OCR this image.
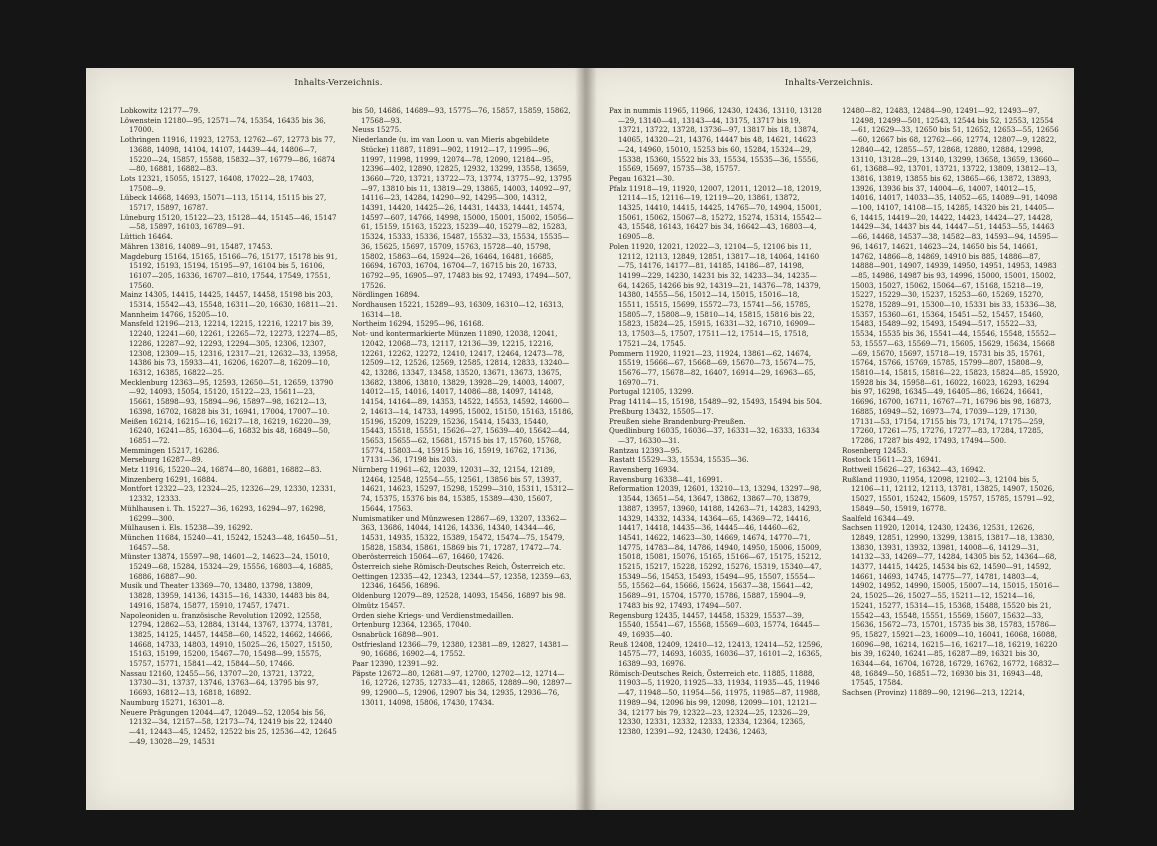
Inhalts-Verzeichnis.
Lobkowitz 12177—79.
Löwenstein 12180—95, 12571—74, 15354, 16435 bis 36, 17000.
Lothringen 11916, 11923, 12753, 12762—67, 12773 bis 77, 13688, 14098, 14104, 14107, 14439—44, 14806—7, 15220—24, 15857, 15588, 15832—37, 16779—86, 16874—80, 16881, 16882—83.
Lots 12321, 15055, 15127, 16408, 17022—28, 17403, 17508—9.
Lübeck 14668, 14693, 15071—113, 15114, 15115 bis 27, 15717, 15897, 16787.
Lüneburg 15120, 15122—23, 15128—44, 15145—46, 15147—58, 15897, 16103, 16789—91.
Lüttich 16464.
Mähren 13816, 14089—91, 15487, 17453.
Magdeburg 15164, 15165, 15166—76, 15177, 15178 bis 91, 15192, 15193, 15194, 15195—97, 16104 bis 5, 16106, 16107—205, 16336, 16707—810, 17544, 17549, 17551, 17560.
Mainz 14305, 14415, 14425, 14457, 14458, 15198 bis 203, 15314, 15542—43, 15548, 16311—20, 16630, 16811—21.
Mannheim 14766, 15205—10.
Mansfeld 12196—213, 12214, 12215, 12216, 12217 bis 39, 12240, 12241—60, 12261, 12265—72, 12273, 12274—85, 12286, 12287—92, 12293, 12294—305, 12306, 12307, 12308, 12309—15, 12316, 12317—21, 12632—33, 13958, 14386 bis 73, 15933—41, 16206, 16207—8, 16209—10, 16312, 16385, 16822—25.
Mecklenburg 12363—95, 12593, 12650—51, 12659, 13790—92, 14093, 15054, 15120, 15122—23, 15611—23, 15661, 15898—93, 15894—96, 15897—98, 16212—13, 16398, 16702, 16828 bis 31, 16941, 17004, 17007—10.
Meißen 16214, 16215—16, 16217—18, 16219, 16220—39, 16240, 16241—85, 16304—6, 16832 bis 48, 16849—50, 16851—72.
Memmingen 15217, 16286.
Merseburg 16287—89.
Metz 11916, 15220—24, 16874—80, 16881, 16882—83.
Minzenberg 16291, 16884.
Montfort 12322—23, 12324—25, 12326—29, 12330, 12331, 12332, 12333.
Mühlhausen i. Th. 15227—36, 16293, 16294—97, 16298, 16299—300.
Mülhausen i. Els. 15238—39, 16292.
München 11684, 15240—41, 15242, 15243—48, 16450—51, 16457—58.
Münster 13874, 15597—98, 14601—2, 14623—24, 15010, 15249—68, 15284, 15324—29, 15556, 16803—4, 16885, 16886, 16887—90.
Musik und Theater 13369—70, 13480, 13798, 13809, 13828, 13959, 14136, 14315—16, 14330, 14483 bis 84, 14916, 15874, 15877, 15910, 17457, 17471.
Napoleoniden u. französische Revolution 12092, 12558, 12794, 12862—53, 12884, 13144, 13767, 13774, 13781, 13825, 14125, 14457, 14458—60, 14522, 14662, 14666, 14668, 14733, 14803, 14910, 15025—26, 15027, 15150, 15163, 15199, 15200, 15467—70, 15498—99, 15575, 15757, 15771, 15841—42, 15844—50, 17466.
Nassau 12160, 12455—56, 13707—20, 13721, 13722, 13730—31, 13737, 13746, 13763—64, 13795 bis 97, 16693, 16812—13, 16818, 16892.
Naumburg 15271, 16301—8.
Neuere Prägungen 12044—47, 12049—52, 12054 bis 56, 12132—34, 12157—58, 12173—74, 12419 bis 22, 12440—41, 12443—45, 12452, 12522 bis 25, 12536—42, 12645—49, 13028—29, 14531
bis 50, 14686, 14689—93, 15775—76, 15857, 15859, 15862, 17568—93.
Neuss 15275.
Niederlande (u. im van Loon u. van Mieris abgebildete Stücke) 11887, 11891—902, 11912—17, 11995—96, 11997, 11998, 11999, 12074—78, 12090, 12184—95, 12396—402, 12890, 12825, 12932, 13299, 13558, 13659, 13660—720, 13721, 13722—73, 13774, 13775—92, 13795—97, 13810 bis 11, 13819—29, 13865, 14003, 14092—97, 14116—23, 14284, 14290—92, 14295—300, 14312, 14391, 14420, 14425—26, 14431, 14433, 14441, 14574, 14597—607, 14766, 14998, 15000, 15001, 15002, 15056—61, 15159, 15163, 15223, 15239—40, 15279—82, 15283, 15324, 15333, 15336, 15487, 15532—33, 15534, 15535—36, 15625, 15697, 15709, 15763, 15728—40, 15798, 15802, 15863—64, 15924—26, 16464, 16481, 16685, 16694, 16703, 16704, 16704—7, 16715 bis 20, 16733, 16792—95, 16905—97, 17483 bis 92, 17493, 17494—507, 17526.
Nördlingen 16894.
Nordhausen 15221, 15289—93, 16309, 16310—12, 16313, 16314—18.
Northeim 16294, 15295—96, 16168.
Not- und kontermarkierte Münzen 11890, 12038, 12041, 12042, 12068—73, 12117, 12136—39, 12215, 12216, 12261, 12262, 12272, 12410, 12417, 12464, 12473—78, 12509—12, 12526, 12569, 12585, 12814, 12833, 13240—42, 13286, 13347, 13458, 13520, 13671, 13673, 13675, 13682, 13806, 13810, 13829, 13928—29, 14003, 14007, 14012—15, 14016, 14017, 14086—88, 14097, 14148, 14154, 14164—89, 14353, 14522, 14553, 14592, 14600—2, 14613—14, 14733, 14995, 15002, 15150, 15163, 15186, 15196, 15209, 15229, 15236, 15414, 15433, 15440, 15443, 15518, 15551, 15626—27, 15639—40, 15642—44, 15653, 15655—62, 15681, 15715 bis 17, 15760, 15768, 15774, 15803—4, 15915 bis 16, 15919, 16762, 17136, 17131—36, 17198 bis 203.
Nürnberg 11961—62, 12039, 12031—32, 12154, 12189, 12464, 12548, 12554—55, 12561, 13856 bis 57, 13937, 14621, 14623, 15297, 15298, 15299—310, 15311, 15312—74, 15375, 15376 bis 84, 15385, 15389—430, 15607, 15644, 17563.
Numismatiker und Münzwesen 12867—69, 13207, 13362—363, 13686, 14044, 14126, 14336, 14340, 14344—46, 14531, 14935, 15322, 15389, 15472, 15474—75, 15479, 15828, 15834, 15861, 15869 bis 71, 17287, 17472—74.
Oberösterreich 15064—67, 16460, 17426.
Österreich siehe Römisch-Deutsches Reich, Österreich etc.
Oettingen 12335—42, 12343, 12344—57, 12358, 12359—63, 12346, 16456, 16896.
Oldenburg 12079—89, 12528, 14093, 15456, 16897 bis 98.
Olmütz 15457.
Orden siehe Kriegs- und Verdienstmedaillen.
Ortenburg 12364, 12365, 17040.
Osnabrück 16898—901.
Ostfriesland 12366—79, 12380, 12381—89, 12827, 14381—90, 16686, 16902—4, 17552.
Paar 12390, 12391—92.
Päpste 12672—80, 12681—97, 12700, 12702—12, 12714—16, 12726, 12735, 12733—41, 12865, 12889—90, 12897—99, 12900—5, 12906, 12907 bis 34, 12935, 12936—76, 13011, 14098, 15806, 17430, 17434.
Inhalts-Verzeichnis.
Pax in nummis 11965, 11966, 12430, 12436, 13110, 13128—29, 13140—41, 13143—44, 13175, 13717 bis 19, 13721, 13722, 13728, 13736—97, 13817 bis 18, 13874, 14065, 14320—21, 14376, 14447 bis 48, 14621, 14623—24, 14960, 15010, 15253 bis 60, 15284, 15324—29, 15338, 15360, 15522 bis 33, 15534, 15535—36, 15556, 15569, 15697, 15735—38, 15757.
Pegau 16321—30.
Pfalz 11918—19, 11920, 12007, 12011, 12012—18, 12019, 12114—15, 12116—19, 12119—20, 13861, 13872, 14325, 14410, 14415, 14425, 14765—70, 14904, 15001, 15061, 15062, 15067—8, 15272, 15274, 15314, 15542—43, 15548, 16143, 16427 bis 34, 16642—43, 16803—4, 16905—8.
Polen 11920, 12021, 12022—3, 12104—5, 12106 bis 11, 12112, 12113, 12849, 12851, 13817—18, 14064, 14160—75, 14176, 14177—81, 14185, 14186—87, 14198, 14199—229, 14230, 14231 bis 32, 14233—34, 14235—64, 14265, 14266 bis 92, 14319—21, 14376—78, 14379, 14380, 14555—56, 15012—14, 15015, 15016—18, 15511, 15515, 15699, 15572—73, 15741—56, 15785, 15805—7, 15808—9, 15810—14, 15815, 15816 bis 22, 15823, 15824—25, 15915, 16331—32, 16710, 16909—13, 17503—5, 17507, 17511—12, 17514—15, 17518, 17521—24, 17545.
Pommern 11920, 11921—23, 11924, 13861—62, 14674, 15519, 15666—67, 15668—69, 15670—73, 15674—75, 15676—77, 15678—82, 16407, 16914—29, 16963—65, 16970—71.
Portugal 12105, 13299.
Prag 14114—15, 15198, 15489—92, 15493, 15494 bis 504.
Preßburg 13432, 15505—17.
Preußen siehe Brandenburg-Preußen.
Quedlinburg 16035, 16036—37, 16331—32, 16333, 16334—37, 16330—31.
Rantzau 12393—95.
Rastatt 15529—33, 15534, 15535—36.
Ravensberg 16934.
Ravensburg 16338—41, 16991.
Reformation 12039, 12601, 13210—13, 13294, 13297—98, 13544, 13651—54, 13647, 13862, 13867—70, 13879, 13887, 13957, 13960, 14188, 14263—71, 14283, 14293, 14329, 14332, 14334, 14364—65, 14369—72, 14416, 14417, 14418, 14435—36, 14445—46, 14460—62, 14541, 14622, 14623—30, 14669, 14674, 14770—71, 14775, 14783—84, 14786, 14940, 14950, 15006, 15009, 15018, 15081, 15076, 15165, 15166—67, 15175, 15212, 15215, 15217, 15228, 15292, 15276, 15319, 15340—47, 15349—56, 15453, 15493, 15494—95, 15507, 15554—55, 15562—64, 15666, 15624, 15637—38, 15641—42, 15689—91, 15704, 15770, 15786, 15887, 15904—9, 17483 bis 92, 17493, 17494—507.
Regensburg 12435, 14457, 14458, 15329, 15537—39, 15540, 15541—67, 15568, 15569—603, 15774, 16445—49, 16935—40.
Reuß 12408, 12409, 12410—12, 12413, 12414—52, 12596, 14575—77, 14693, 16035, 16036—37, 16101—2, 16365, 16389—93, 16976.
Römisch-Deutsches Reich, Österreich etc. 11885, 11888, 11903—5, 11920, 11925—33, 11934, 11935—45, 11946—47, 11948—50, 11954—56, 11975, 11985—87, 11988, 11989—94, 12096 bis 99, 12098, 12099—101, 12121—34, 12177 bis 79, 12322—23, 12324—25, 12326—29, 12330, 12331, 12332, 12333, 12334, 12364, 12365, 12380, 12391—92, 12430, 12436, 12463,
12480—82, 12483, 12484—90, 12491—92, 12493—97, 12498, 12499—501, 12543, 12544 bis 52, 12553, 12554—61, 12629—33, 12650 bis 51, 12652, 12653—55, 12656—60, 12667 bis 68, 12762—66, 12774, 12807—9, 12822, 12840—42, 12855—57, 12868, 12880, 12884, 12998, 13110, 13128—29, 13140, 13299, 13658, 13659, 13660—61, 13688—92, 13701, 13721, 13722, 13809, 13812—13, 13816, 13819, 13855 bis 62, 13865—66, 13872, 13893, 13926, 13936 bis 37, 14004—6, 14007, 14012—15, 14016, 14017, 14033—35, 14052—65, 14089—91, 14098—100, 14107, 14108—15, 14285, 14320 bis 21, 14405—6, 14415, 14419—20, 14422, 14423, 14424—27, 14428, 14429—34, 14437 bis 44, 14447—51, 14453—55, 14463—66, 14468, 14537—38, 14582—83, 14593—94, 14595—96, 14617, 14621, 14623—24, 14650 bis 54, 14661, 14762, 14866—8, 14869, 14910 bis 885, 14886—87, 14888—901, 14907, 14939, 14950, 14951, 14953, 14983—85, 14986, 14987 bis 93, 14996, 15000, 15001, 15002, 15003, 15027, 15062, 15064—67, 15168, 15218—19, 15227, 15229—30, 15237, 15253—60, 15269, 15270, 15278, 15289—91, 15300—10, 15331 bis 33, 15336—38, 15357, 15360—61, 15364, 15451—52, 15457, 15460, 15483, 15489—92, 15493, 15494—517, 15522—33, 15534, 15535 bis 36, 15541—44, 15546, 15548, 15552—53, 15557—63, 15569—71, 15605, 15629, 15634, 15668—69, 15670, 15697, 15718—19, 15731 bis 35, 15761, 15764, 15766, 15769, 15785, 15799—807, 15808—9, 15810—14, 15815, 15816—22, 15823, 15824—85, 15920, 15928 bis 34, 15958—61, 16022, 16023, 16293, 16294 bis 97, 16298, 16345—49, 16405—86, 16624, 16641, 16696, 16700, 16711, 16767—71, 16796 bis 98, 16873, 16885, 16949—52, 16973—74, 17039—129, 17130, 17131—53, 17154, 17155 bis 73, 17174, 17175—259, 17260, 17261—75, 17276, 17277—83, 17284, 17285, 17286, 17287 bis 492, 17493, 17494—500.
Rosenberg 12453.
Rostock 15611—23, 16941.
Rottweil 15626—27, 16342—43, 16942.
Rußland 11930, 11954, 12098, 12102—3, 12104 bis 5, 12106—11, 12112, 12113, 13781, 13825, 14907, 15026, 15027, 15501, 15242, 15609, 15757, 15785, 15791—92, 15849—50, 15919, 16778.
Saalfeld 16344—49.
Sachsen 11920, 12014, 12430, 12436, 12531, 12626, 12849, 12851, 12990, 13299, 13815, 13817—18, 13830, 13830, 13931, 13932, 13981, 14008—6, 14129—31, 14132—33, 14269—77, 14284, 14305 bis 52, 14364—68, 14377, 14415, 14425, 14534 bis 62, 14590—91, 14592, 14661, 14693, 14745, 14775—77, 14781, 14803—4, 14902, 14952, 14990, 15005, 15007—14, 15015, 15016—24, 15025—26, 15027—55, 15211—12, 15214—16, 15241, 15277, 15314—15, 15368, 15488, 15520 bis 21, 15542—43, 15548, 15551, 15569, 15607, 15632—33, 15636, 15672—73, 15701, 15735 bis 38, 15783, 15786—95, 15827, 15921—23, 16009—10, 16041, 16068, 16088, 16096—98, 16214, 16215—16, 16217—18, 16219, 16220 bis 39, 16240, 16241—85, 16287—89, 16321 bis 30, 16344—64, 16704, 16728, 16729, 16762, 16772, 16832—48, 16849—50, 16851—72, 16930 bis 31, 16943—48, 17545, 17584.
Sachsen (Provinz) 11889—90, 12196—213, 12214,
